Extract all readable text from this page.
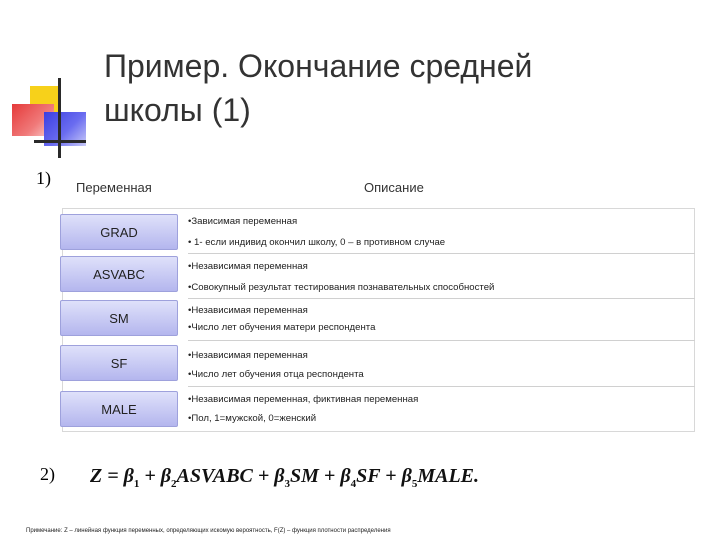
Пример. Окончание средней
школы (1)
1) Переменная	Описание
GRAD
•Зависимая переменная
• 1- если индивид окончил школу, 0 – в противном случае
ASVABC	•Независимая переменная
•Совокупный результат тестирования познавательных способностей
SM	•Независимая переменная
•Число лет обучения матери респондента
SF	•Независимая переменная
•Число лет обучения отца респондента
MALE
•Независимая переменная, фиктивная переменная
•Пол, 1=мужской, 0=женский
2) $Z = \beta_1$ + $\beta_2ASVABC + \beta_3SM + \beta_4SF$ + $\beta_5MALE$.
Примечание: Z – линейная функция переменных, определяющих искомую вероятность, F(Z) – функция плотности распределения
